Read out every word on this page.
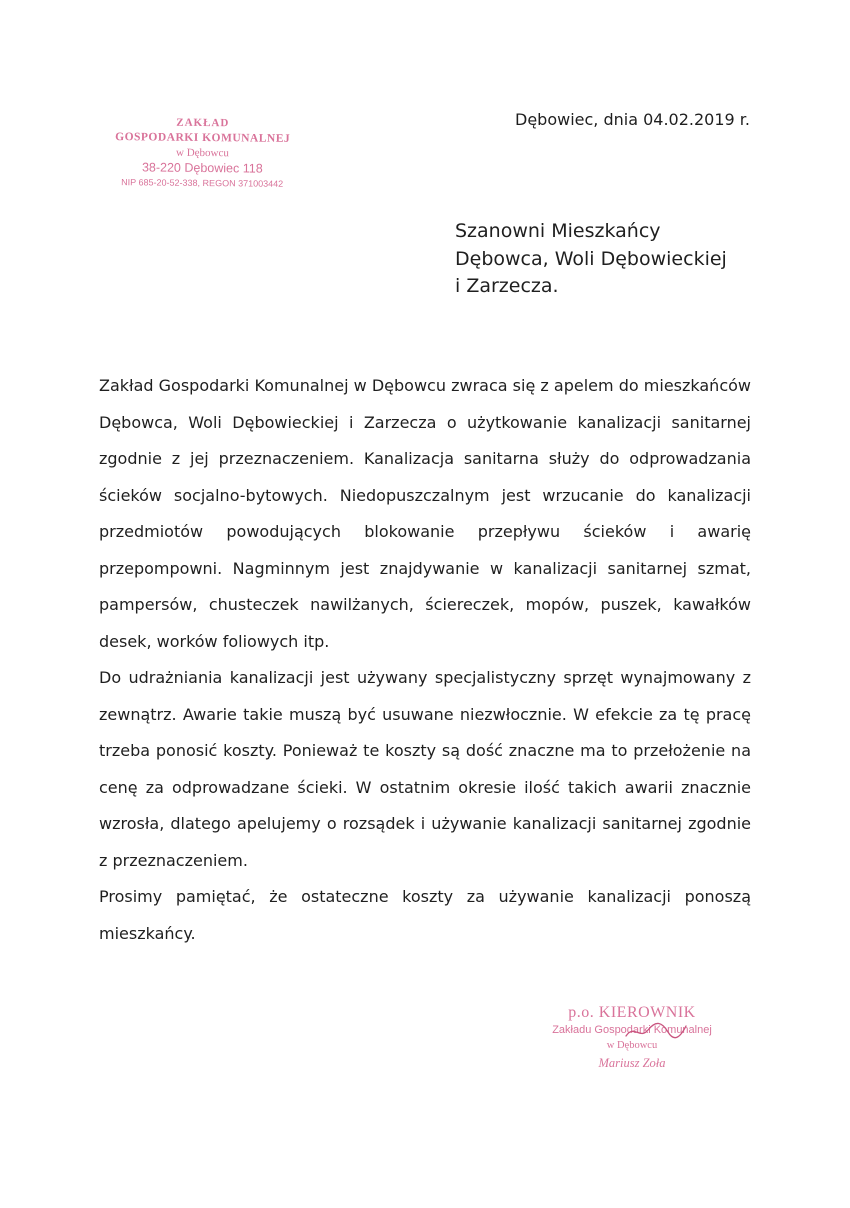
ZAKŁAD
GOSPODARKI KOMUNALNEJ
w Dębowcu
38-220 Dębowiec 118
NIP 685-20-52-338, REGON 371003442
Dębowiec, dnia 04.02.2019 r.
Szanowni Mieszkańcy
Dębowca, Woli Dębowieckiej
i Zarzecza.

Zakład Gospodarki Komunalnej w Dębowcu zwraca się z apelem do mieszkańców Dębowca, Woli Dębowieckiej i Zarzecza o użytkowanie kanalizacji sanitarnej zgodnie z jej przeznaczeniem. Kanalizacja sanitarna służy do odprowadzania ścieków socjalno-bytowych. Niedopuszczalnym jest wrzucanie do kanalizacji przedmiotów powodujących blokowanie przepływu ścieków i awarię przepompowni. Nagminnym jest znajdywanie w kanalizacji sanitarnej szmat, pampersów, chusteczek nawilżanych, ściereczek, mopów, puszek, kawałków desek, worków foliowych itp.

Do udrażniania kanalizacji jest używany specjalistyczny sprzęt wynajmowany z zewnątrz. Awarie takie muszą być usuwane niezwłocznie. W efekcie za tę pracę trzeba ponosić koszty. Ponieważ te koszty są dość znaczne ma to przełożenie na cenę za odprowadzane ścieki. W ostatnim okresie ilość takich awarii znacznie wzrosła, dlatego apelujemy o rozsądek i używanie kanalizacji sanitarnej zgodnie z przeznaczeniem.

Prosimy pamiętać, że ostateczne koszty za używanie kanalizacji ponoszą mieszkańcy.

p.o. KIEROWNIK
Zakładu Gospodarki Komunalnej
w Dębowcu
Mariusz Zoła
